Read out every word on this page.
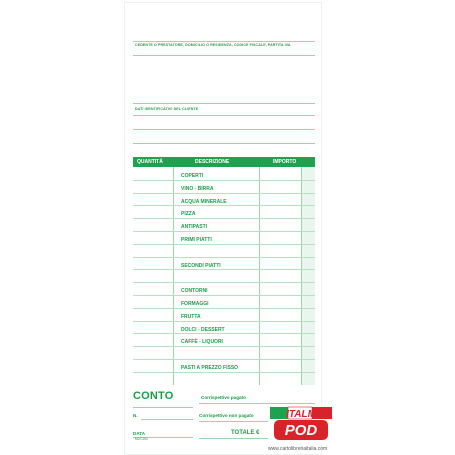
CEDENTE O PRESTATORE, DOMICILIO O RESIDENZA, CODICE FISCALE, PARTITA IVA
DATI IDENTIFICATIVI DEL CLIENTE
QUANTITÀ	DESCRIZIONE	IMPORTO
COPERTI
VINO - BIRRA
ACQUA MINERALE
PIZZA
ANTIPASTI
PRIMI PIATTI
SECONDI PIATTI
CONTORNI
FORMAGGI
FRUTTA
DOLCI - DESSERT
CAFFÈ - LIQUORI
PASTI A PREZZO FISSO
CONTO	Corrispettivo pagato
N.	Corrispettivo non pagato
DATA	TOTALE €
M2/C200
ITALM
POD
www.cartolibreriaitalia.com
